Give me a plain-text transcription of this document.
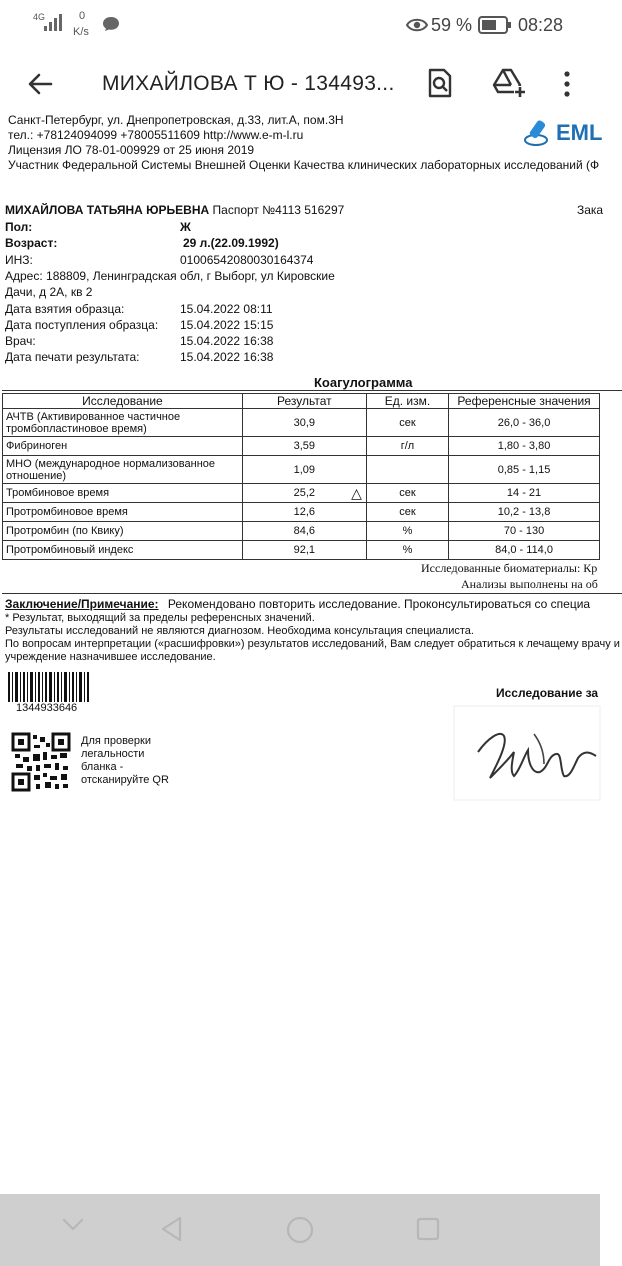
4G	0
K/s	59 %	08:28
МИХАЙЛОВА Т Ю - 134493...
Санкт-Петербург, ул. Днепропетровская, д.33, лит.А, пом.3Н
тел.: +78124094099 +78005511609 http://www.e-m-l.ru
Лицензия ЛО 78-01-009929 от 25 июня 2019
Участник Федеральной Системы Внешней Оценки Качества клинических лабораторных исследований (Ф
EML
МИХАЙЛОВА ТАТЬЯНА ЮРЬЕВНА Паспорт №4113 516297	Зака
Пол:	Ж
Возраст:	29 л.(22.09.1992)
ИНЗ:	01006542080030164374
Адрес: 188809, Ленинградская обл, г Выборг, ул Кировские
Дачи, д 2А, кв 2
Дата взятия образца:	15.04.2022 08:11
Дата поступления образца: 15.04.2022 15:15
Врач:	15.04.2022 16:38
Дата печати результата:	15.04.2022 16:38
Коагулограмма
Исследование	Результат	Ед. изм.	Референсные значения
АЧТВ (Активированное частичное тромбопластиновое время)	30,9	сек	26,0 - 36,0
Фибриноген	3,59	г/л	1,80 - 3,80
МНО (международное нормализованное отношение)	1,09		0,85 - 1,15
Тромбиновое время	25,2 △	сек	14 - 21
Протромбиновое время	12,6	сек	10,2 - 13,8
Протромбин (по Квику)	84,6	%	70 - 130
Протромбиновый индекс	92,1	%	84,0 - 114,0
Исследованные биоматериалы: Кр
Анализы выполнены на об
Заключение/Примечание: Рекомендовано повторить исследование. Проконсультироваться со специа
* Результат, выходящий за пределы референсных значений.
Результаты исследований не являются диагнозом. Необходима консультация специалиста.
По вопросам интерпретации («расшифровки») результатов исследований, Вам следует обратиться к лечащему врачу и
учреждение назначившее исследование.
1344933646
Для проверки
легальности
бланка -
отсканируйте QR
Исследование за
